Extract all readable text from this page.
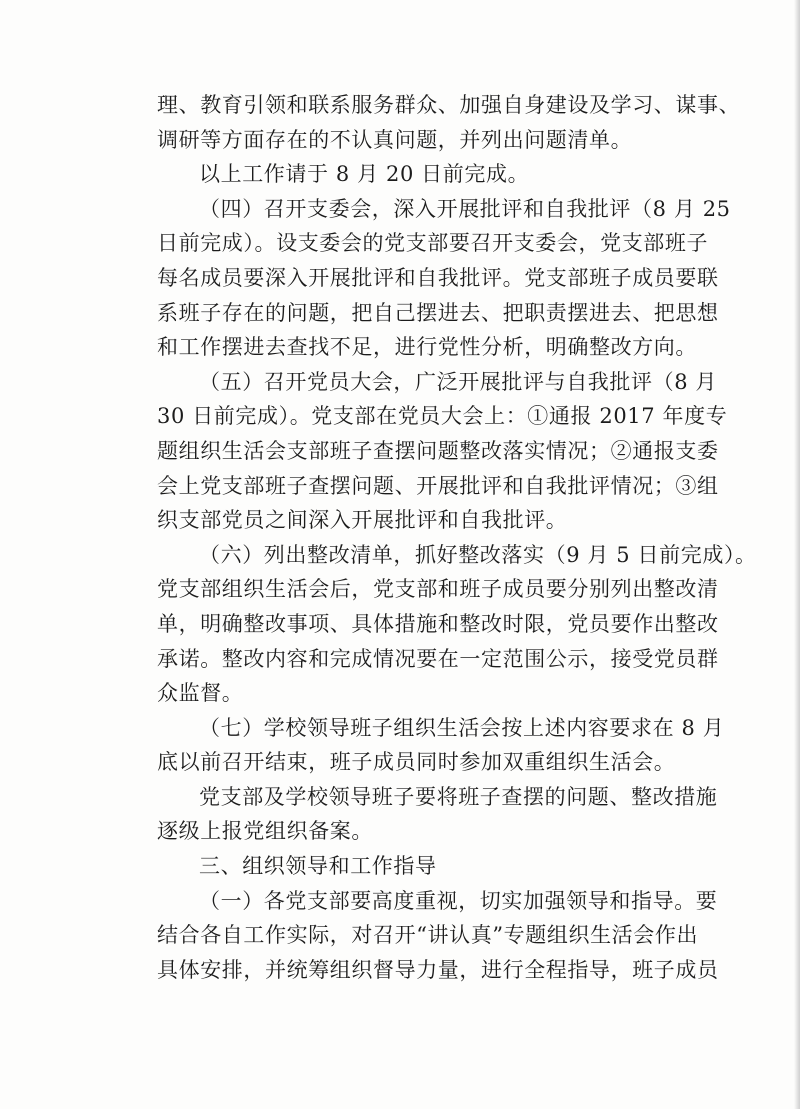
理、教育引领和联系服务群众、加强自身建设及学习、谋事、
调研等方面存在的不认真问题，并列出问题清单。
以上工作请于 8 月 20 日前完成。
（四）召开支委会，深入开展批评和自我批评（8 月 25
日前完成）。设支委会的党支部要召开支委会，党支部班子
每名成员要深入开展批评和自我批评。党支部班子成员要联
系班子存在的问题，把自己摆进去、把职责摆进去、把思想
和工作摆进去查找不足，进行党性分析，明确整改方向。
（五）召开党员大会，广泛开展批评与自我批评（8 月
30 日前完成）。党支部在党员大会上：①通报 2017 年度专
题组织生活会支部班子查摆问题整改落实情况；②通报支委
会上党支部班子查摆问题、开展批评和自我批评情况；③组
织支部党员之间深入开展批评和自我批评。
（六）列出整改清单，抓好整改落实（9 月 5 日前完成）。
党支部组织生活会后，党支部和班子成员要分别列出整改清
单，明确整改事项、具体措施和整改时限，党员要作出整改
承诺。整改内容和完成情况要在一定范围公示，接受党员群
众监督。
（七）学校领导班子组织生活会按上述内容要求在 8 月
底以前召开结束，班子成员同时参加双重组织生活会。
党支部及学校领导班子要将班子查摆的问题、整改措施
逐级上报党组织备案。
三、组织领导和工作指导
（一）各党支部要高度重视，切实加强领导和指导。要
结合各自工作实际，对召开“讲认真”专题组织生活会作出
具体安排，并统筹组织督导力量，进行全程指导，班子成员
